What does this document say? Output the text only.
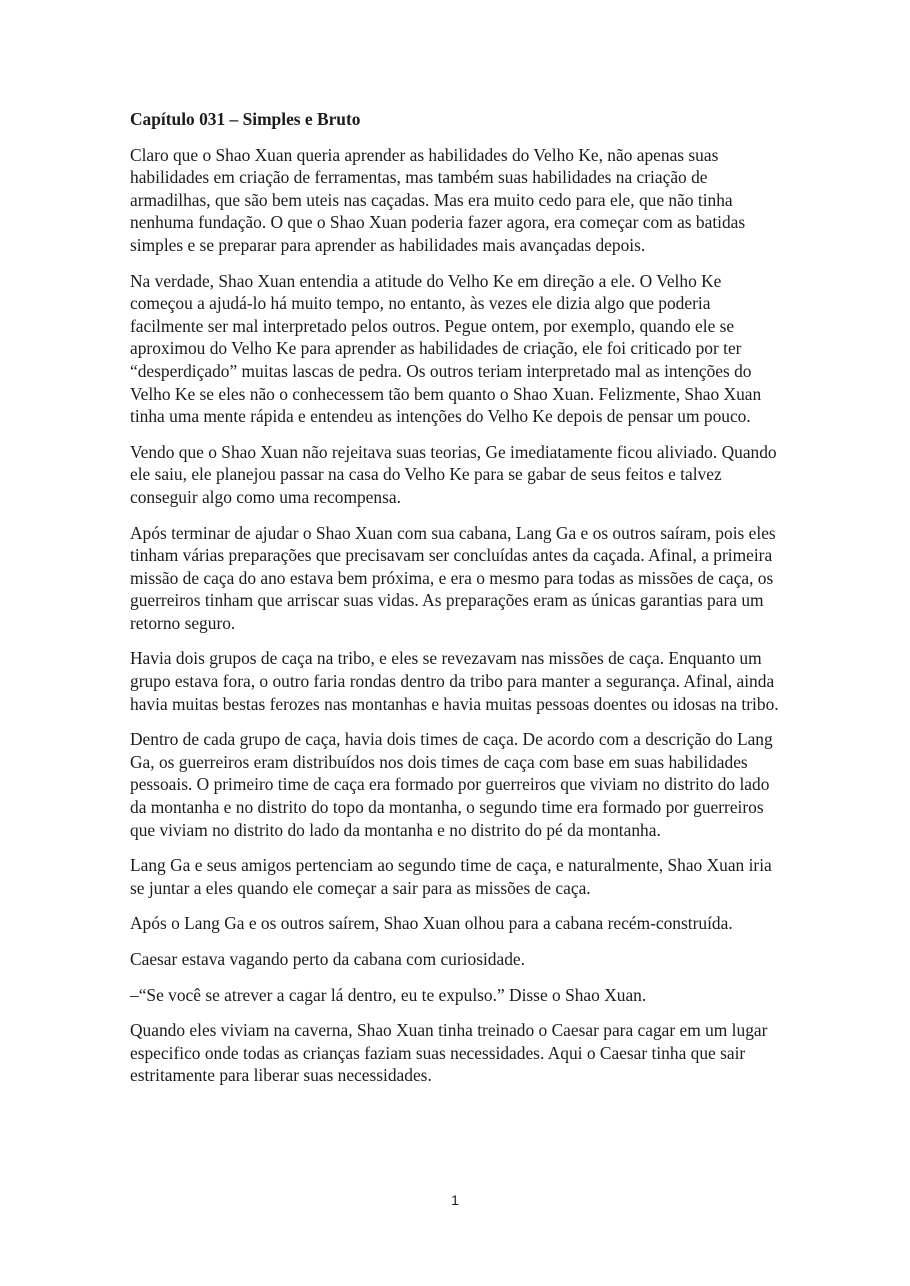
Capítulo 031 – Simples e Bruto

Claro que o Shao Xuan queria aprender as habilidades do Velho Ke, não apenas suas habilidades em criação de ferramentas, mas também suas habilidades na criação de armadilhas, que são bem uteis nas caçadas. Mas era muito cedo para ele, que não tinha nenhuma fundação. O que o Shao Xuan poderia fazer agora, era começar com as batidas simples e se preparar para aprender as habilidades mais avançadas depois.

Na verdade, Shao Xuan entendia a atitude do Velho Ke em direção a ele. O Velho Ke começou a ajudá-lo há muito tempo, no entanto, às vezes ele dizia algo que poderia facilmente ser mal interpretado pelos outros. Pegue ontem, por exemplo, quando ele se aproximou do Velho Ke para aprender as habilidades de criação, ele foi criticado por ter “desperdiçado” muitas lascas de pedra. Os outros teriam interpretado mal as intenções do Velho Ke se eles não o conhecessem tão bem quanto o Shao Xuan. Felizmente, Shao Xuan tinha uma mente rápida e entendeu as intenções do Velho Ke depois de pensar um pouco.

Vendo que o Shao Xuan não rejeitava suas teorias, Ge imediatamente ficou aliviado. Quando ele saiu, ele planejou passar na casa do Velho Ke para se gabar de seus feitos e talvez conseguir algo como uma recompensa.

Após terminar de ajudar o Shao Xuan com sua cabana, Lang Ga e os outros saíram, pois eles tinham várias preparações que precisavam ser concluídas antes da caçada. Afinal, a primeira missão de caça do ano estava bem próxima, e era o mesmo para todas as missões de caça, os guerreiros tinham que arriscar suas vidas. As preparações eram as únicas garantias para um retorno seguro.

Havia dois grupos de caça na tribo, e eles se revezavam nas missões de caça. Enquanto um grupo estava fora, o outro faria rondas dentro da tribo para manter a segurança. Afinal, ainda havia muitas bestas ferozes nas montanhas e havia muitas pessoas doentes ou idosas na tribo.

Dentro de cada grupo de caça, havia dois times de caça. De acordo com a descrição do Lang Ga, os guerreiros eram distribuídos nos dois times de caça com base em suas habilidades pessoais. O primeiro time de caça era formado por guerreiros que viviam no distrito do lado da montanha e no distrito do topo da montanha, o segundo time era formado por guerreiros que viviam no distrito do lado da montanha e no distrito do pé da montanha.

Lang Ga e seus amigos pertenciam ao segundo time de caça, e naturalmente, Shao Xuan iria se juntar a eles quando ele começar a sair para as missões de caça.

Após o Lang Ga e os outros saírem, Shao Xuan olhou para a cabana recém-construída.

Caesar estava vagando perto da cabana com curiosidade.

–“Se você se atrever a cagar lá dentro, eu te expulso.” Disse o Shao Xuan.

Quando eles viviam na caverna, Shao Xuan tinha treinado o Caesar para cagar em um lugar especifico onde todas as crianças faziam suas necessidades. Aqui o Caesar tinha que sair estritamente para liberar suas necessidades.

1
